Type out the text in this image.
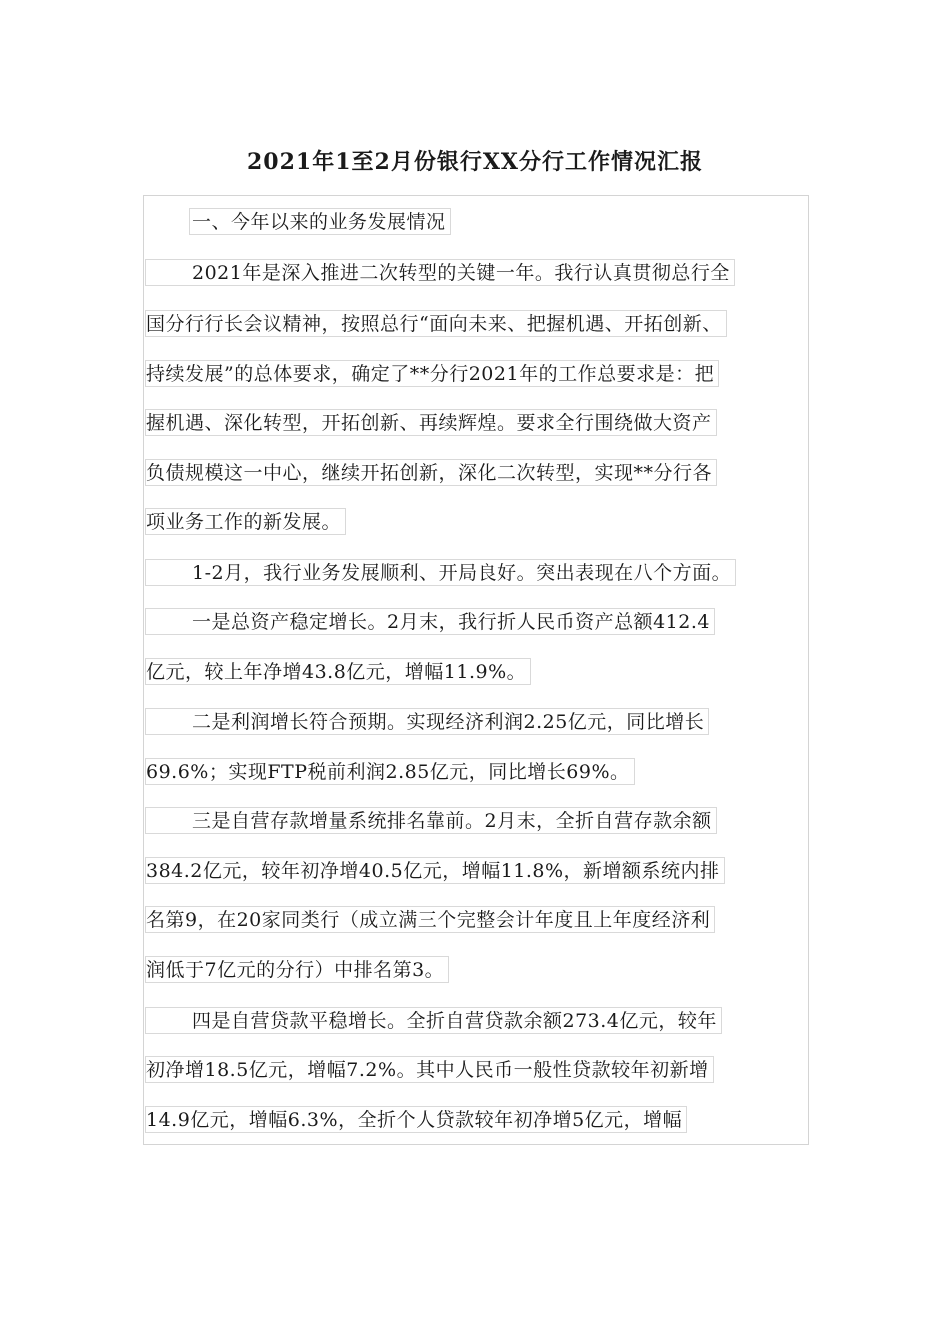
2021年1至2月份银行XX分行工作情况汇报
一、今年以来的业务发展情况
2021年是深入推进二次转型的关键一年。我行认真贯彻总行全
国分行行长会议精神，按照总行“面向未来、把握机遇、开拓创新、
持续发展”的总体要求，确定了**分行2021年的工作总要求是：把
握机遇、深化转型，开拓创新、再续辉煌。要求全行围绕做大资产
负债规模这一中心，继续开拓创新，深化二次转型，实现**分行各
项业务工作的新发展。
1-2月，我行业务发展顺利、开局良好。突出表现在八个方面。
一是总资产稳定增长。2月末，我行折人民币资产总额412.4
亿元，较上年净增43.8亿元，增幅11.9%。
二是利润增长符合预期。实现经济利润2.25亿元，同比增长
69.6%；实现FTP税前利润2.85亿元，同比增长69%。
三是自营存款增量系统排名靠前。2月末，全折自营存款余额
384.2亿元，较年初净增40.5亿元，增幅11.8%，新增额系统内排
名第9，在20家同类行（成立满三个完整会计年度且上年度经济利
润低于7亿元的分行）中排名第3。
四是自营贷款平稳增长。全折自营贷款余额273.4亿元，较年
初净增18.5亿元，增幅7.2%。其中人民币一般性贷款较年初新增
14.9亿元，增幅6.3%，全折个人贷款较年初净增5亿元，增幅
